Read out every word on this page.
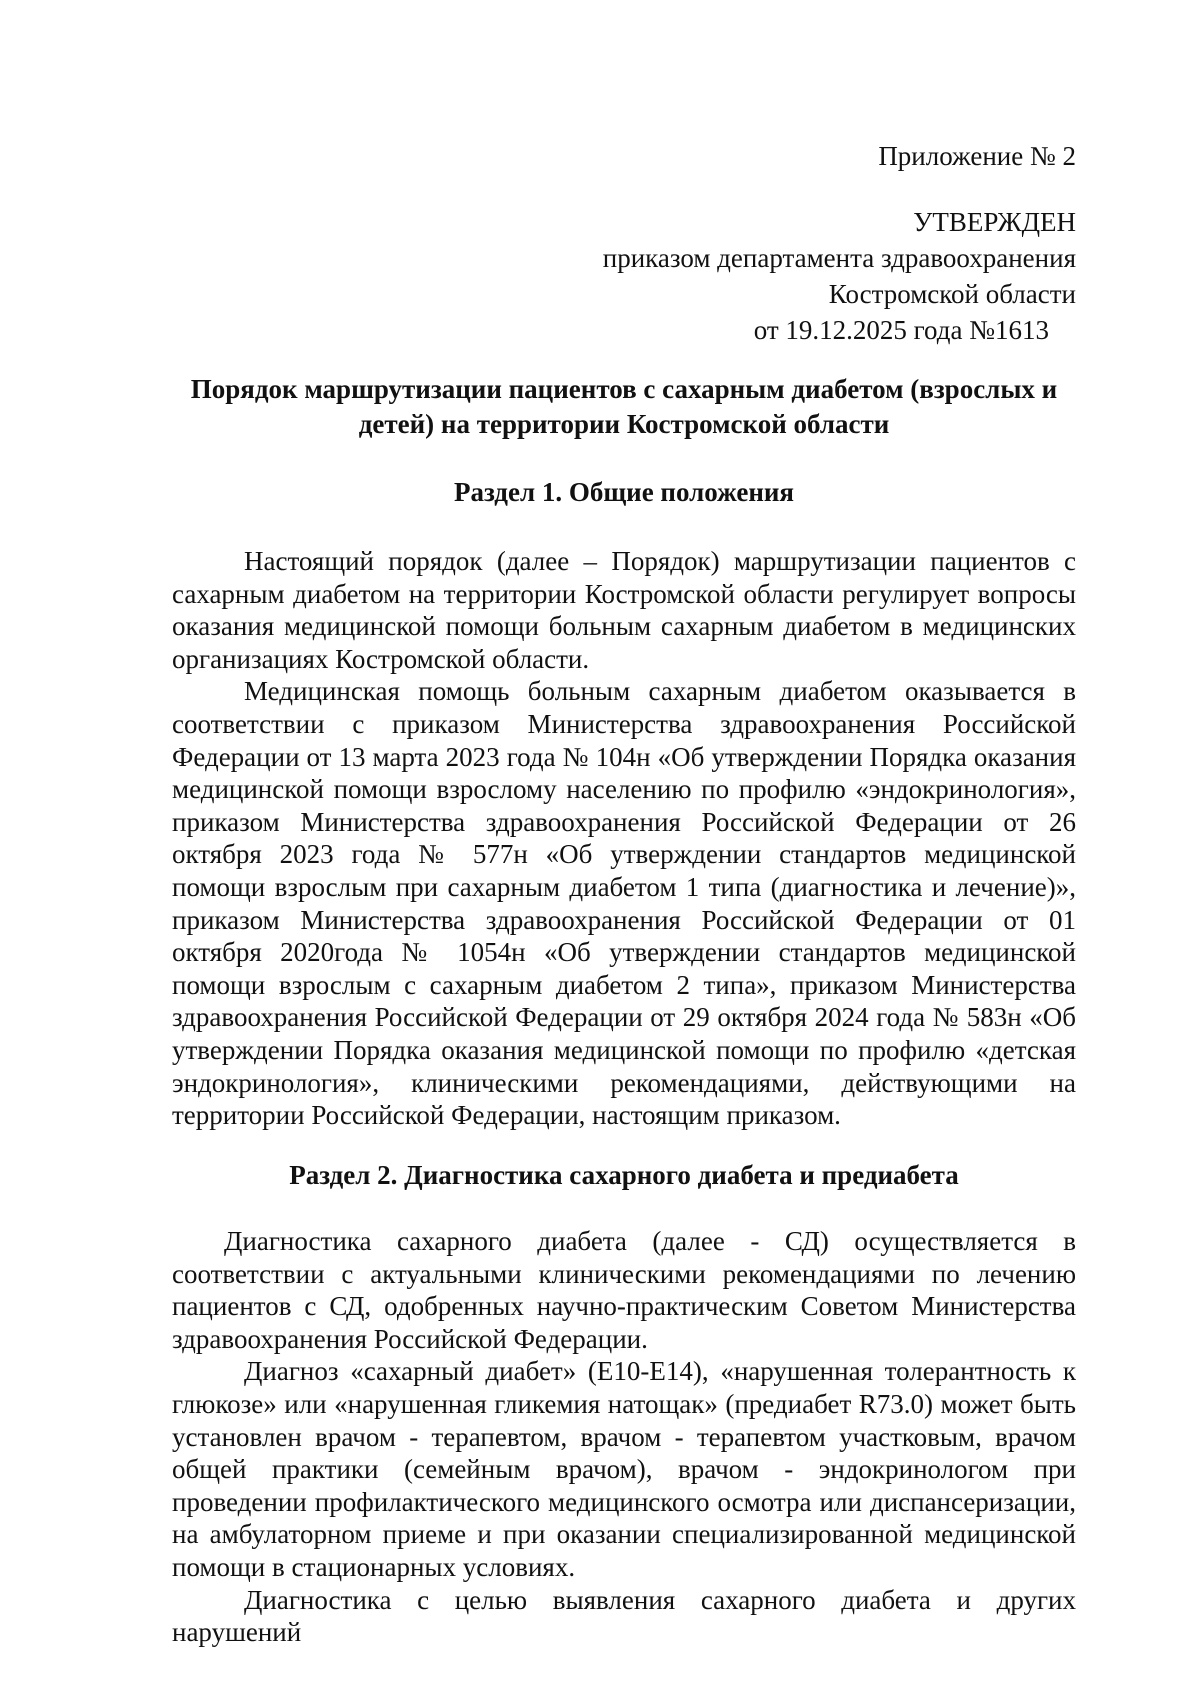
Приложение № 2
УТВЕРЖДЕН
приказом департамента здравоохранения
Костромской области
от 19.12.2025 года №1613
Порядок маршрутизации пациентов с сахарным диабетом (взрослых и детей) на территории Костромской области
Раздел 1. Общие положения

Настоящий порядок (далее – Порядок) маршрутизации пациентов с сахарным диабетом на территории Костромской области регулирует вопросы оказания медицинской помощи больным сахарным диабетом в медицинских организациях Костромской области.

Медицинская помощь больным сахарным диабетом оказывается в соответствии с приказом Министерства здравоохранения Российской Федерации от 13 марта 2023 года № 104н «Об утверждении Порядка оказания медицинской помощи взрослому населению по профилю «эндокринология», приказом Министерства здравоохранения Российской Федерации от 26 октября 2023 года № 577н «Об утверждении стандартов медицинской помощи взрослым при сахарным диабетом 1 типа (диагностика и лечение)», приказом Министерства здравоохранения Российской Федерации от 01 октября 2020года № 1054н «Об утверждении стандартов медицинской помощи взрослым с сахарным диабетом 2 типа», приказом Министерства здравоохранения Российской Федерации от 29 октября 2024 года № 583н «Об утверждении Порядка оказания медицинской помощи по профилю «детская эндокринология», клиническими рекомендациями, действующими на территории Российской Федерации, настоящим приказом.

Раздел 2. Диагностика сахарного диабета и предиабета

Диагностика сахарного диабета (далее - СД) осуществляется в соответствии с актуальными клиническими рекомендациями по лечению пациентов с СД, одобренных научно-практическим Советом Министерства здравоохранения Российской Федерации.

Диагноз «сахарный диабет» (Е10-Е14), «нарушенная толерантность к глюкозе» или «нарушенная гликемия натощак» (предиабет R73.0) может быть установлен врачом - терапевтом, врачом - терапевтом участковым, врачом общей практики (семейным врачом), врачом - эндокринологом при проведении профилактического медицинского осмотра или диспансеризации, на амбулаторном приеме и при оказании специализированной медицинской помощи в стационарных условиях.

Диагностика с целью выявления сахарного диабета и других нарушений
